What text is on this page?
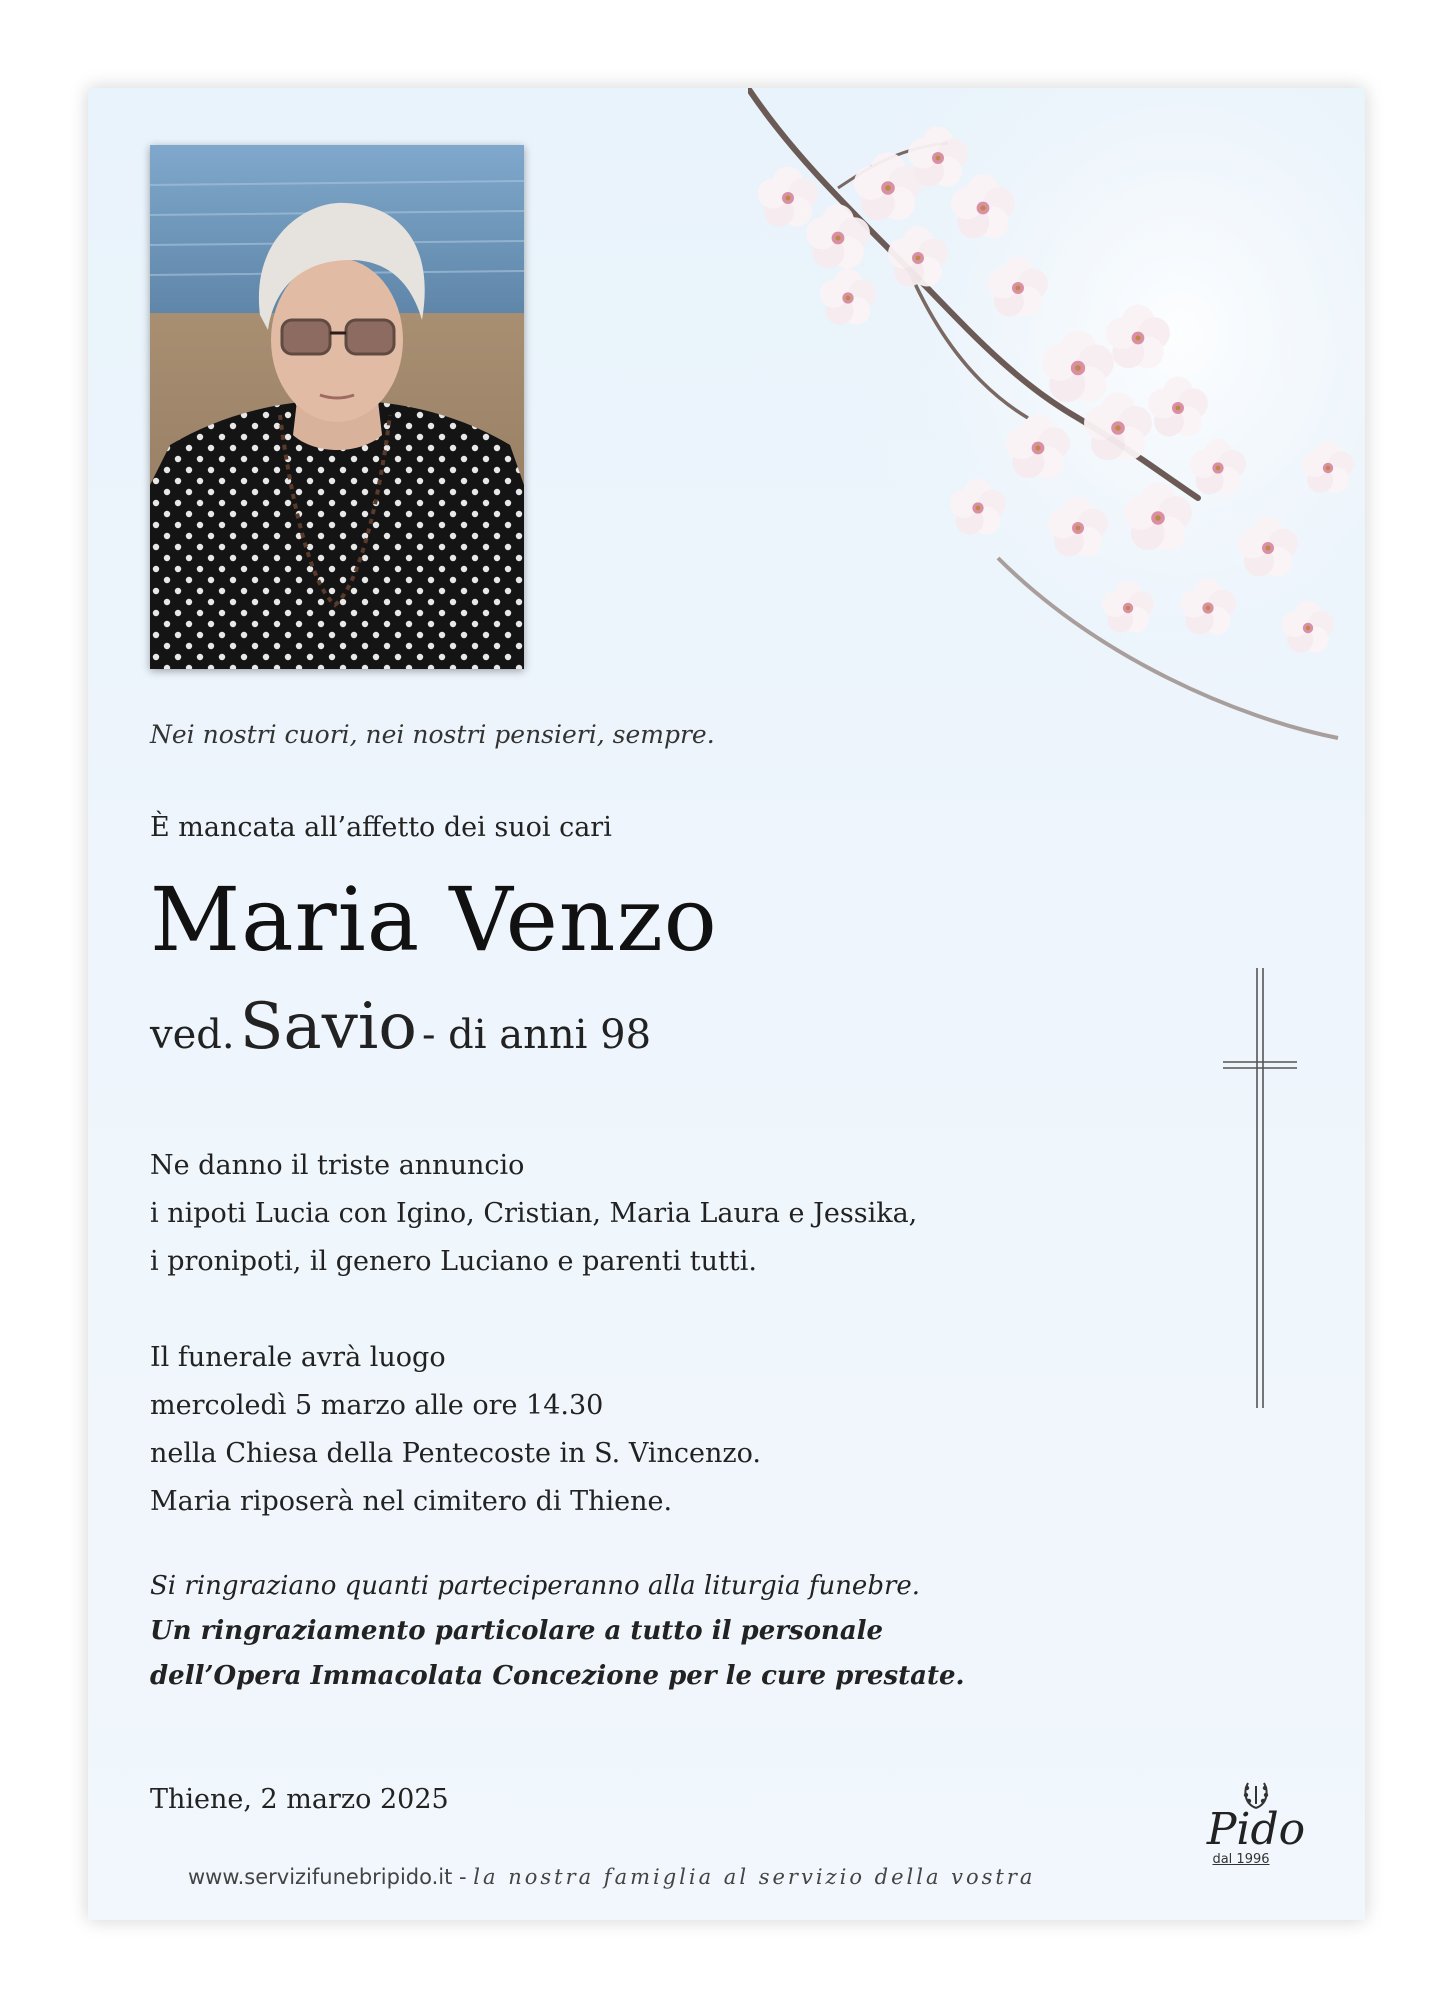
Nei nostri cuori, nei nostri pensieri, sempre.
È mancata all’affetto dei suoi cari
Maria Venzo
ved. Savio - di anni 98
Ne danno il triste annuncio
i nipoti Lucia con Igino, Cristian, Maria Laura e Jessika,
i pronipoti, il genero Luciano e parenti tutti.
Il funerale avrà luogo
mercoledì 5 marzo alle ore 14.30
nella Chiesa della Pentecoste in S. Vincenzo.
Maria riposerà nel cimitero di Thiene.
Si ringraziano quanti parteciperanno alla liturgia funebre.
Un ringraziamento particolare a tutto il personale
dell’Opera Immacolata Concezione per le cure prestate.
Thiene, 2 marzo 2025
www.servizifunebripido.it - la nostra famiglia al servizio della vostra
Pido
dal 1996
